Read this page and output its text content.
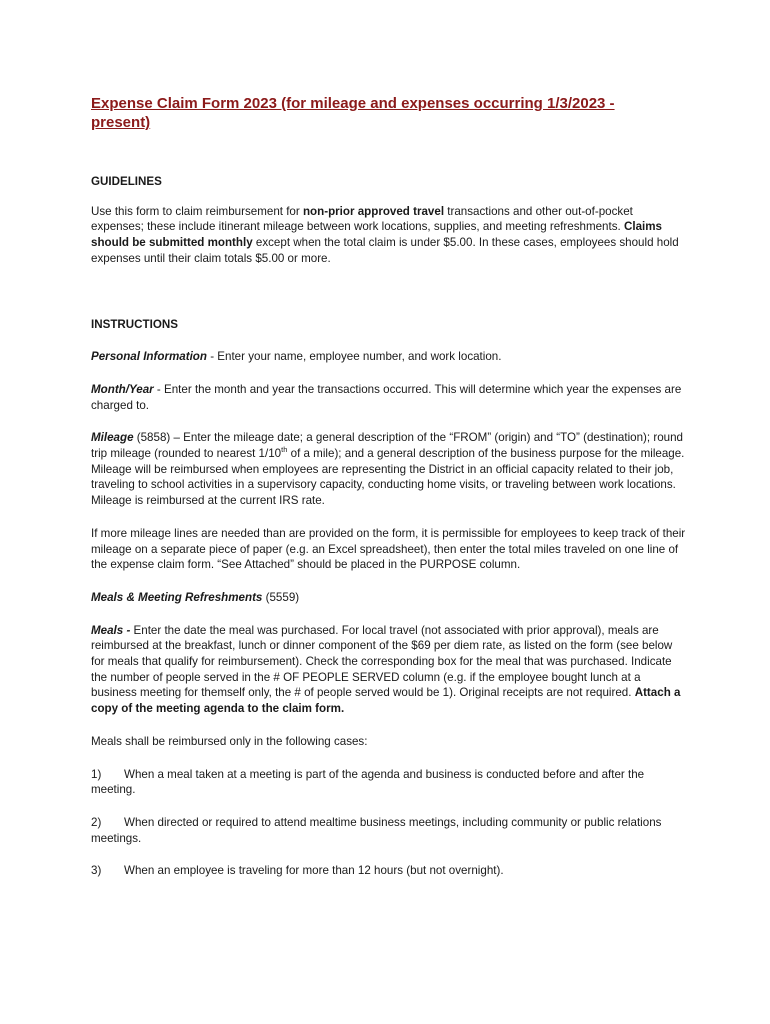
Expense Claim Form 2023 (for mileage and expenses occurring 1/3/2023 -
present)

GUIDELINES

Use this form to claim reimbursement for non-prior approved travel transactions and other out-of-pocket expenses; these include itinerant mileage between work locations, supplies, and meeting refreshments. Claims should be submitted monthly except when the total claim is under $5.00. In these cases, employees should hold expenses until their claim totals $5.00 or more.

INSTRUCTIONS

Personal Information - Enter your name, employee number, and work location.

Month/Year - Enter the month and year the transactions occurred. This will determine which year the expenses are charged to.

Mileage (5858) – Enter the mileage date; a general description of the “FROM” (origin) and “TO” (destination); round trip mileage (rounded to nearest 1/10th of a mile); and a general description of the business purpose for the mileage. Mileage will be reimbursed when employees are representing the District in an official capacity related to their job, traveling to school activities in a supervisory capacity, conducting home visits, or traveling between work locations. Mileage is reimbursed at the current IRS rate.

If more mileage lines are needed than are provided on the form, it is permissible for employees to keep track of their mileage on a separate piece of paper (e.g. an Excel spreadsheet), then enter the total miles traveled on one line of the expense claim form. “See Attached” should be placed in the PURPOSE column.

Meals & Meeting Refreshments (5559)

Meals - Enter the date the meal was purchased. For local travel (not associated with prior approval), meals are reimbursed at the breakfast, lunch or dinner component of the $69 per diem rate, as listed on the form (see below for meals that qualify for reimbursement). Check the corresponding box for the meal that was purchased. Indicate the number of people served in the # OF PEOPLE SERVED column (e.g. if the employee bought lunch at a business meeting for themself only, the # of people served would be 1). Original receipts are not required. Attach a copy of the meeting agenda to the claim form.

Meals shall be reimbursed only in the following cases:

1) When a meal taken at a meeting is part of the agenda and business is conducted before and after the meeting.

2) When directed or required to attend mealtime business meetings, including community or public relations meetings.

3) When an employee is traveling for more than 12 hours (but not overnight).
